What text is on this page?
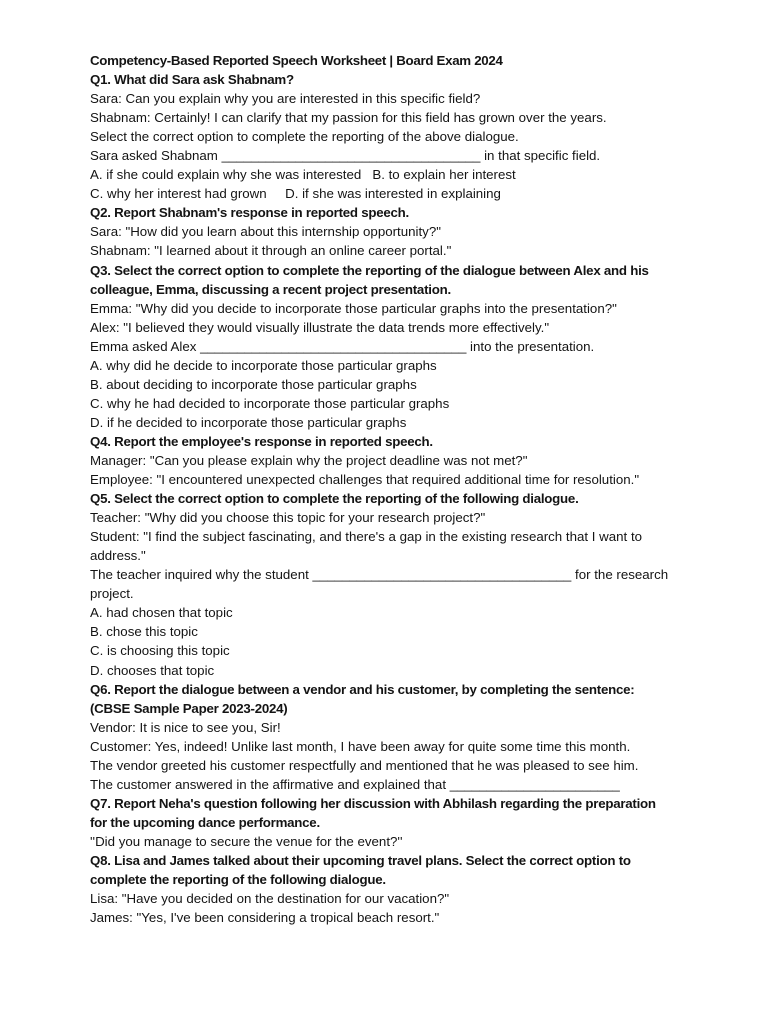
Competency-Based Reported Speech Worksheet | Board Exam 2024

Q1. What did Sara ask Shabnam?

Sara: Can you explain why you are interested in this specific field?

Shabnam: Certainly! I can clarify that my passion for this field has grown over the years.

Select the correct option to complete the reporting of the above dialogue.

Sara asked Shabnam ___________________________________ in that specific field.

A. if she could explain why she was interested   B. to explain her interest

C. why her interest had grown     D. if she was interested in explaining

Q2. Report Shabnam's response in reported speech.

Sara: "How did you learn about this internship opportunity?"

Shabnam: "I learned about it through an online career portal."

Q3. Select the correct option to complete the reporting of the dialogue between Alex and his

colleague, Emma, discussing a recent project presentation.

Emma: "Why did you decide to incorporate those particular graphs into the presentation?"

Alex: "I believed they would visually illustrate the data trends more effectively."

Emma asked Alex ____________________________________ into the presentation.

A. why did he decide to incorporate those particular graphs

B. about deciding to incorporate those particular graphs

C. why he had decided to incorporate those particular graphs

D. if he decided to incorporate those particular graphs

Q4. Report the employee's response in reported speech.

Manager: "Can you please explain why the project deadline was not met?"

Employee: "I encountered unexpected challenges that required additional time for resolution."

Q5. Select the correct option to complete the reporting of the following dialogue.

Teacher: "Why did you choose this topic for your research project?"

Student: "I find the subject fascinating, and there's a gap in the existing research that I want to

address."

The teacher inquired why the student ___________________________________ for the research

project.

A. had chosen that topic

B. chose this topic

C. is choosing this topic

D. chooses that topic

Q6. Report the dialogue between a vendor and his customer, by completing the sentence:

(CBSE Sample Paper 2023-2024)

Vendor: It is nice to see you, Sir!

Customer: Yes, indeed! Unlike last month, I have been away for quite some time this month.

The vendor greeted his customer respectfully and mentioned that he was pleased to see him.

The customer answered in the affirmative and explained that _______________________

Q7. Report Neha's question following her discussion with Abhilash regarding the preparation

for the upcoming dance performance.

''Did you manage to secure the venue for the event?''

Q8. Lisa and James talked about their upcoming travel plans. Select the correct option to

complete the reporting of the following dialogue.

Lisa: "Have you decided on the destination for our vacation?"

James: "Yes, I've been considering a tropical beach resort."
